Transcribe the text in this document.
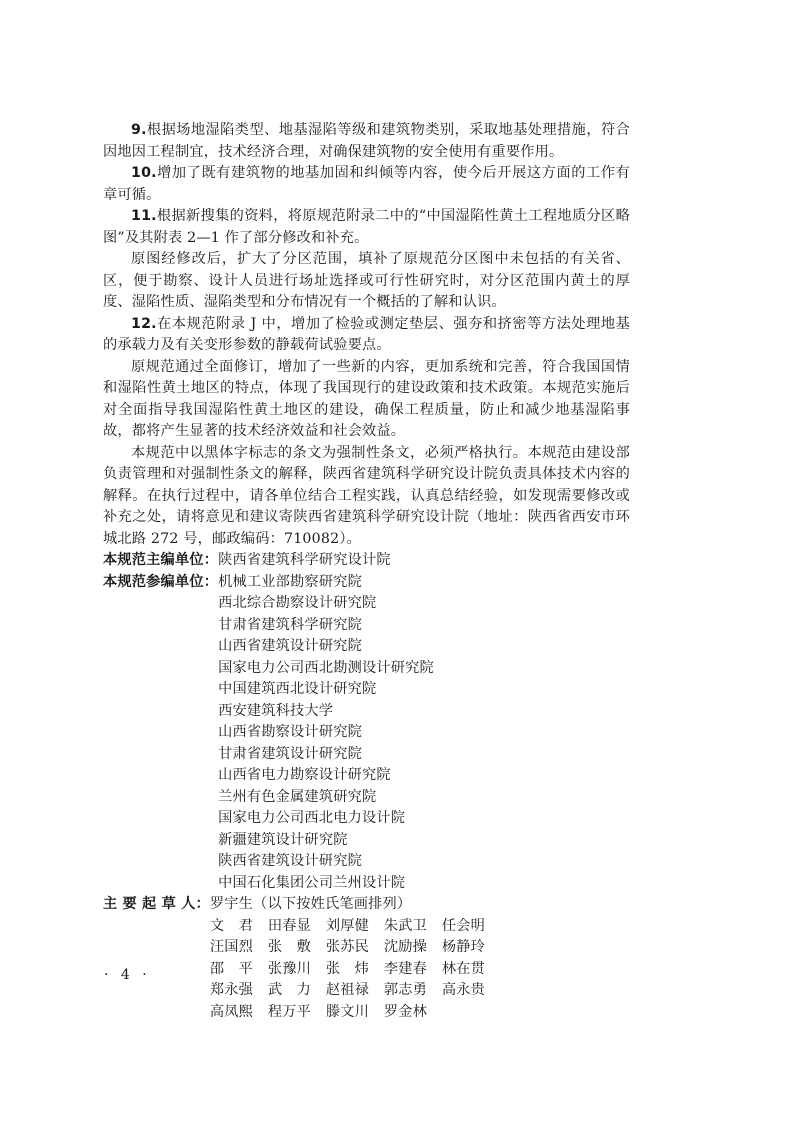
9.根据场地湿陷类型、地基湿陷等级和建筑物类别，采取地基处理措施，符合因地因工程制宜，技术经济合理，对确保建筑物的安全使用有重要作用。

10.增加了既有建筑物的地基加固和纠倾等内容，使今后开展这方面的工作有章可循。

11.根据新搜集的资料，将原规范附录二中的“中国湿陷性黄土工程地质分区略图”及其附表 2—1 作了部分修改和补充。

原图经修改后，扩大了分区范围，填补了原规范分区图中未包括的有关省、区，便于勘察、设计人员进行场址选择或可行性研究时，对分区范围内黄土的厚度、湿陷性质、湿陷类型和分布情况有一个概括的了解和认识。

12.在本规范附录 J 中，增加了检验或测定垫层、强夯和挤密等方法处理地基的承载力及有关变形参数的静载荷试验要点。

原规范通过全面修订，增加了一些新的内容，更加系统和完善，符合我国国情和湿陷性黄土地区的特点，体现了我国现行的建设政策和技术政策。本规范实施后对全面指导我国湿陷性黄土地区的建设，确保工程质量，防止和减少地基湿陷事故，都将产生显著的技术经济效益和社会效益。

本规范中以黑体字标志的条文为强制性条文，必须严格执行。本规范由建设部负责管理和对强制性条文的解释，陕西省建筑科学研究设计院负责具体技术内容的解释。在执行过程中，请各单位结合工程实践，认真总结经验，如发现需要修改或补充之处，请将意见和建议寄陕西省建筑科学研究设计院（地址：陕西省西安市环城北路 272 号，邮政编码：710082）。

本规范主编单位： 陕西省建筑科学研究设计院
本规范参编单位： 机械工业部勘察研究院
西北综合勘察设计研究院
甘肃省建筑科学研究院
山西省建筑设计研究院
国家电力公司西北勘测设计研究院
中国建筑西北设计研究院
西安建筑科技大学
山西省勘察设计研究院
甘肃省建筑设计研究院
山西省电力勘察设计研究院
兰州有色金属建筑研究院
国家电力公司西北电力设计院
新疆建筑设计研究院
陕西省建筑设计研究院
中国石化集团公司兰州设计院
主 要 起 草 人： 罗宇生（以下按姓氏笔画排列）
文　君	田春显	刘厚健	朱武卫	任会明
汪国烈	张　敷	张苏民	沈励操	杨静玲
邵　平	张豫川	张　炜	李建春	林在贯
郑永强	武　力	赵祖禄	郭志勇	高永贵
高凤熙	程万平	滕文川	罗金林
· 4 ·
